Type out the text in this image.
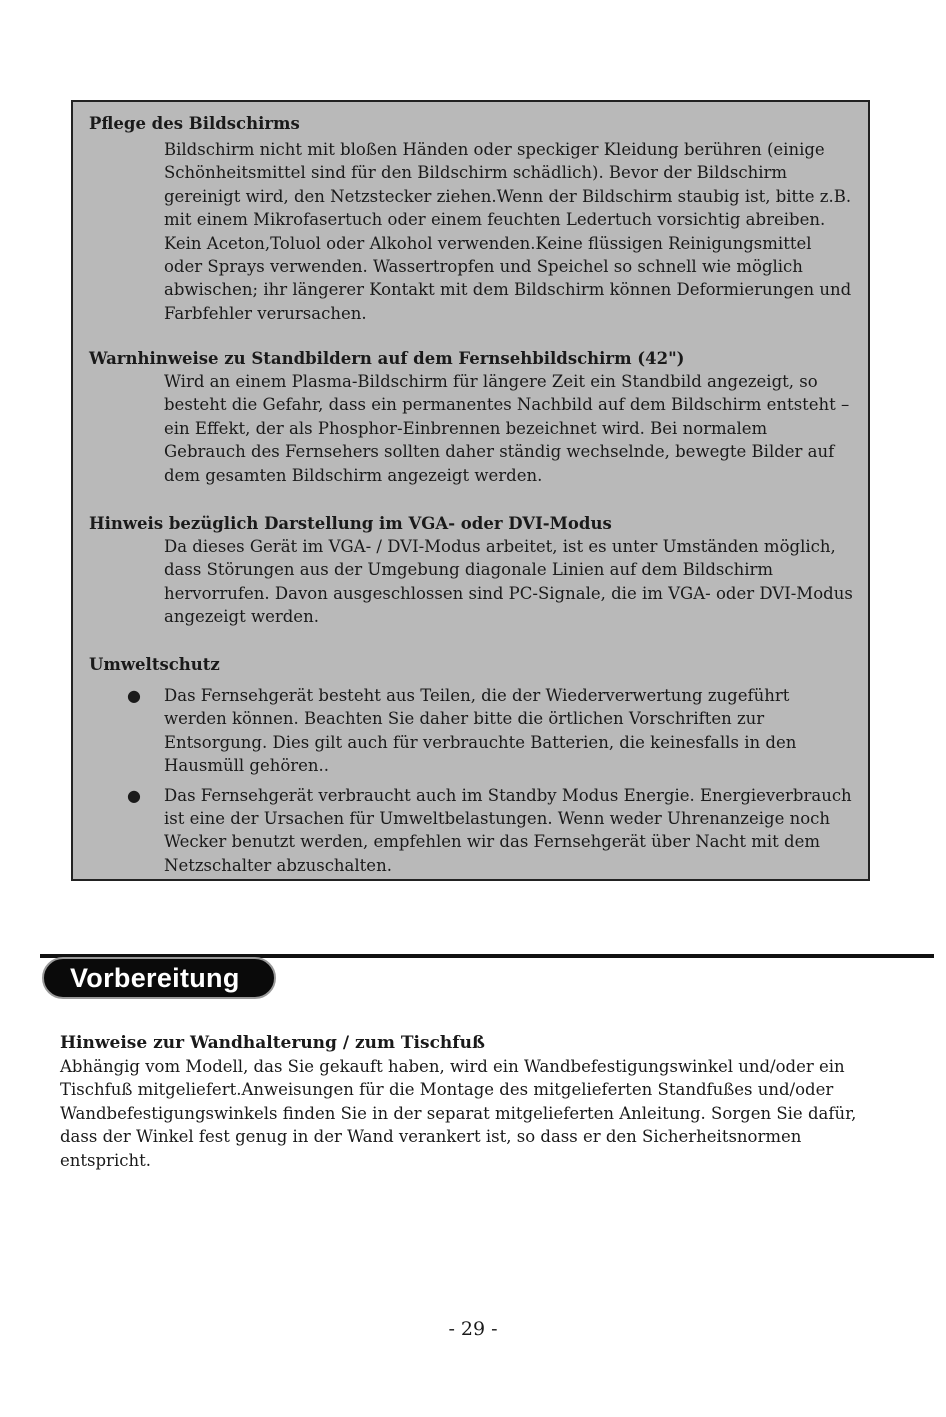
Pflege des Bildschirms

Bildschirm nicht mit bloßen Händen oder speckiger Kleidung berühren (einige Schönheitsmittel sind für den Bildschirm schädlich). Bevor der Bildschirm gereinigt wird, den Netzstecker ziehen.Wenn der Bildschirm staubig ist, bitte z.B. mit einem Mikrofasertuch oder einem feuchten Ledertuch vorsichtig abreiben. Kein Aceton,Toluol oder Alkohol verwenden.Keine flüssigen Reinigungsmittel oder Sprays verwenden. Wassertropfen und Speichel so schnell wie möglich abwischen; ihr längerer Kontakt mit dem Bildschirm können Deformierungen und Farbfehler verursachen.

Warnhinweise zu Standbildern auf dem Fernsehbildschirm (42")

Wird an einem Plasma-Bildschirm für längere Zeit ein Standbild angezeigt, so besteht die Gefahr, dass ein permanentes Nachbild auf dem Bildschirm entsteht – ein Effekt, der als Phosphor-Einbrennen bezeichnet wird. Bei normalem Gebrauch des Fernsehers sollten daher ständig wechselnde, bewegte Bilder auf dem gesamten Bildschirm angezeigt werden.

Hinweis bezüglich Darstellung im VGA- oder DVI-Modus

Da dieses Gerät im VGA- / DVI-Modus arbeitet, ist es unter Umständen möglich, dass Störungen aus der Umgebung diagonale Linien auf dem Bildschirm hervorrufen. Davon ausgeschlossen sind PC-Signale, die im VGA- oder DVI-Modus angezeigt werden.

Umweltschutz

● Das Fernsehgerät besteht aus Teilen, die der Wiederverwertung zugeführt werden können. Beachten Sie daher bitte die örtlichen Vorschriften zur Entsorgung. Dies gilt auch für verbrauchte Batterien, die keinesfalls in den Hausmüll gehören..
● Das Fernsehgerät verbraucht auch im Standby Modus Energie. Energieverbrauch ist eine der Ursachen für Umweltbelastungen. Wenn weder Uhrenanzeige noch Wecker benutzt werden, empfehlen wir das Fernsehgerät über Nacht mit dem Netzschalter abzuschalten.
Vorbereitung
Hinweise zur Wandhalterung / zum Tischfuß

Abhängig vom Modell, das Sie gekauft haben, wird ein Wandbefestigungswinkel und/oder ein Tischfuß mitgeliefert.Anweisungen für die Montage des mitgelieferten Standfußes und/oder Wandbefestigungswinkels finden Sie in der separat mitgelieferten Anleitung. Sorgen Sie dafür, dass der Winkel fest genug in der Wand verankert ist, so dass er den Sicherheitsnormen entspricht.

- 29 -
